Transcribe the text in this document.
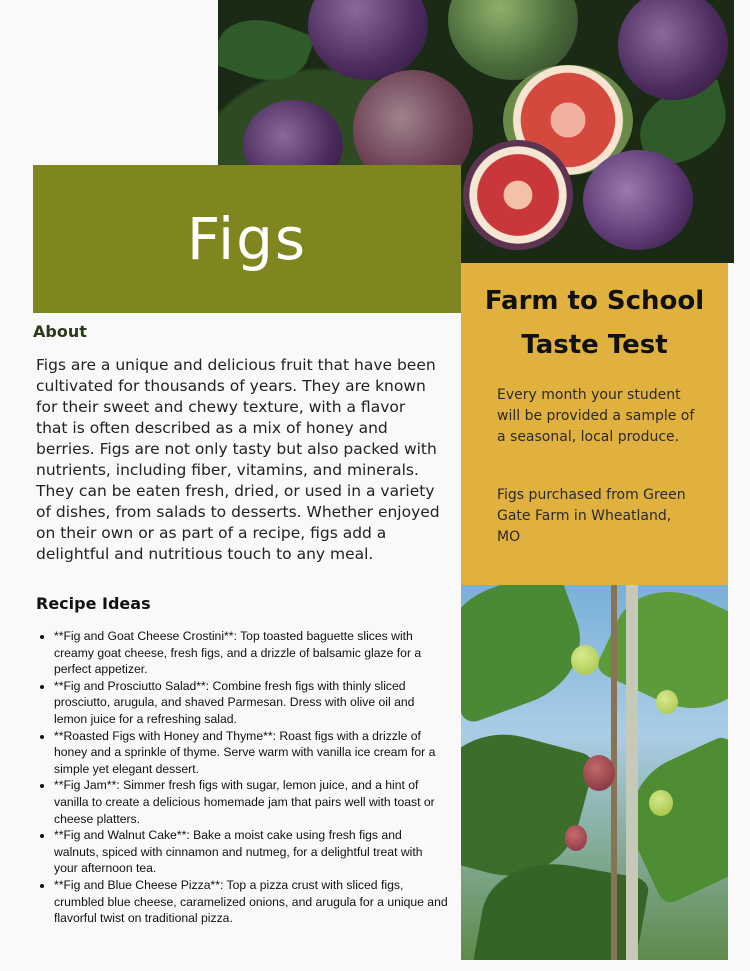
Figs
About

Figs are a unique and delicious fruit that have been cultivated for thousands of years. They are known for their sweet and chewy texture, with a flavor that is often described as a mix of honey and berries. Figs are not only tasty but also packed with nutrients, including fiber, vitamins, and minerals. They can be eaten fresh, dried, or used in a variety of dishes, from salads to desserts. Whether enjoyed on their own or as part of a recipe, figs add a delightful and nutritious touch to any meal.

Recipe Ideas
• **Fig and Goat Cheese Crostini**: Top toasted baguette slices with creamy goat cheese, fresh figs, and a drizzle of balsamic glaze for a perfect appetizer.
• **Fig and Prosciutto Salad**: Combine fresh figs with thinly sliced prosciutto, arugula, and shaved Parmesan. Dress with olive oil and lemon juice for a refreshing salad.
• **Roasted Figs with Honey and Thyme**: Roast figs with a drizzle of honey and a sprinkle of thyme. Serve warm with vanilla ice cream for a simple yet elegant dessert.
• **Fig Jam**: Simmer fresh figs with sugar, lemon juice, and a hint of vanilla to create a delicious homemade jam that pairs well with toast or cheese platters.
• **Fig and Walnut Cake**: Bake a moist cake using fresh figs and walnuts, spiced with cinnamon and nutmeg, for a delightful treat with your afternoon tea.
• **Fig and Blue Cheese Pizza**: Top a pizza crust with sliced figs, crumbled blue cheese, caramelized onions, and arugula for a unique and flavorful twist on traditional pizza.
Farm to School
Taste Test

Every month your student will be provided a sample of a seasonal, local produce.

Figs purchased from Green Gate Farm in Wheatland, MO
